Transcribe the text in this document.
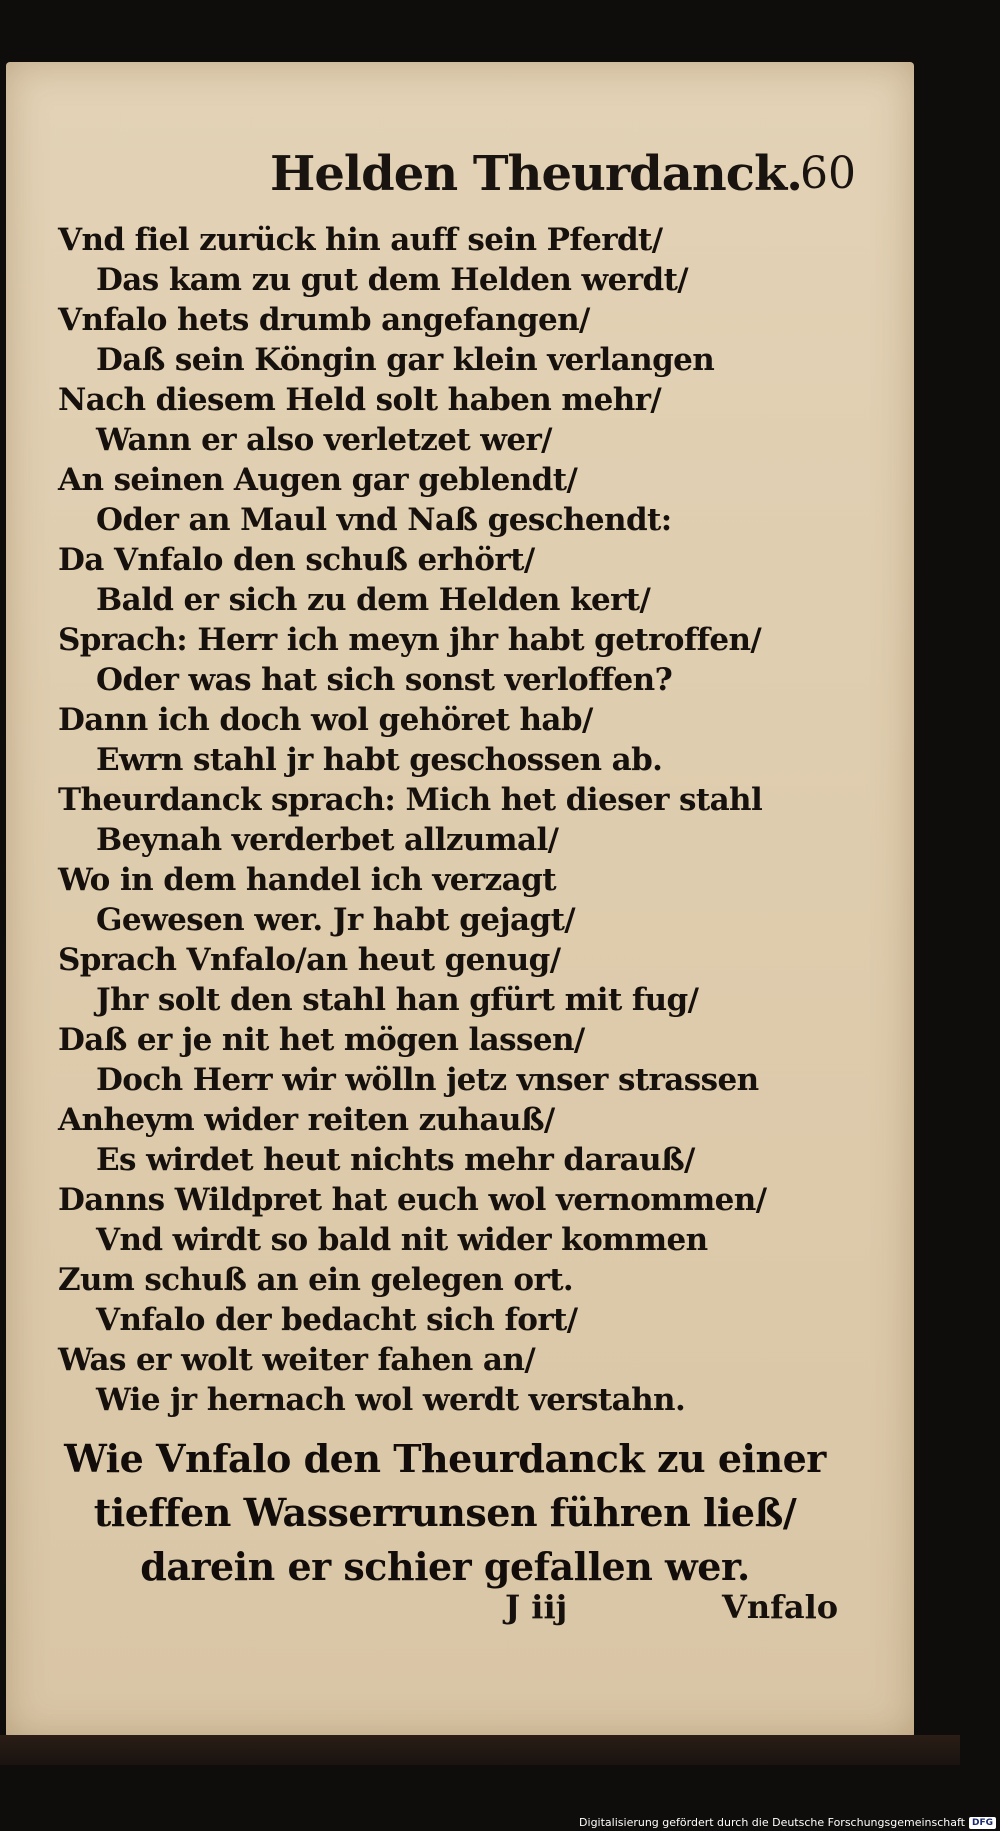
Helden Theurdanck.
60
Vnd fiel zurück hin auff sein Pferdt/
Das kam zu gut dem Helden werdt/
Vnfalo hets drumb angefangen/
Daß sein Köngin gar klein verlangen
Nach diesem Held solt haben mehr/
Wann er also verletzet wer/
An seinen Augen gar geblendt/
Oder an Maul vnd Naß geschendt:
Da Vnfalo den schuß erhört/
Bald er sich zu dem Helden kert/
Sprach: Herr ich meyn jhr habt getroffen/
Oder was hat sich sonst verloffen?
Dann ich doch wol gehöret hab/
Ewrn stahl jr habt geschossen ab.
Theurdanck sprach: Mich het dieser stahl
Beynah verderbet allzumal/
Wo in dem handel ich verzagt
Gewesen wer. Jr habt gejagt/
Sprach Vnfalo/an heut genug/
Jhr solt den stahl han gfürt mit fug/
Daß er je nit het mögen lassen/
Doch Herr wir wölln jetz vnser strassen
Anheym wider reiten zuhauß/
Es wirdet heut nichts mehr darauß/
Danns Wildpret hat euch wol vernommen/
Vnd wirdt so bald nit wider kommen
Zum schuß an ein gelegen ort.
Vnfalo der bedacht sich fort/
Was er wolt weiter fahen an/
Wie jr hernach wol werdt verstahn.
Wie Vnfalo den Theurdanck zu einer
tieffen Wasserrunsen führen ließ/
darein er schier gefallen wer.
J iij	Vnfalo
Digitalisierung gefördert durch die Deutsche Forschungsgemeinschaft DFG
